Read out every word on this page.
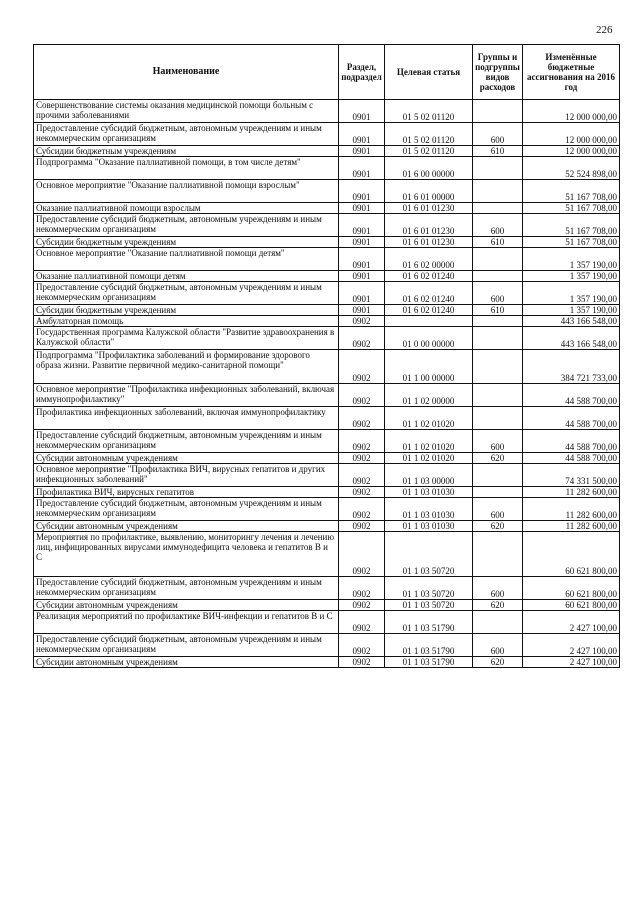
226
Наименование	Раздел, подраздел	Целевая статья	Группы и подгруппы видов расходов	Изменённые бюджетные ассигнования на 2016 год
Совершенствование системы оказания медицинской помощи больным с прочими заболеваниями	0901	01 5 02 01120		12 000 000,00
Предоставление субсидий бюджетным, автономным учреждениям и иным некоммерческим организациям	0901	01 5 02 01120	600	12 000 000,00
Субсидии бюджетным учреждениям	0901	01 5 02 01120	610	12 000 000,00
Подпрограмма "Оказание паллиативной помощи, в том числе детям"	0901	01 6 00 00000		52 524 898,00
Основное мероприятие "Оказание паллиативной помощи взрослым"	0901	01 6 01 00000		51 167 708,00
Оказание паллиативной помощи взрослым	0901	01 6 01 01230		51 167 708,00
Предоставление субсидий бюджетным, автономным учреждениям и иным некоммерческим организациям	0901	01 6 01 01230	600	51 167 708,00
Субсидии бюджетным учреждениям	0901	01 6 01 01230	610	51 167 708,00
Основное мероприятие "Оказание паллиативной помощи детям"	0901	01 6 02 00000		1 357 190,00
Оказание паллиативной помощи детям	0901	01 6 02 01240		1 357 190,00
Предоставление субсидий бюджетным, автономным учреждениям и иным некоммерческим организациям	0901	01 6 02 01240	600	1 357 190,00
Субсидии бюджетным учреждениям	0901	01 6 02 01240	610	1 357 190,00
Амбулаторная помощь	0902			443 166 548,00
Государственная программа Калужской области "Развитие здравоохранения в Калужской области"	0902	01 0 00 00000		443 166 548,00
Подпрограмма "Профилактика заболеваний и формирование здорового образа жизни. Развитие первичной медико-санитарной помощи"	0902	01 1 00 00000		384 721 733,00
Основное мероприятие "Профилактика инфекционных заболеваний, включая иммунопрофилактику"	0902	01 1 02 00000		44 588 700,00
Профилактика инфекционных заболеваний, включая иммунопрофилактику	0902	01 1 02 01020		44 588 700,00
Предоставление субсидий бюджетным, автономным учреждениям и иным некоммерческим организациям	0902	01 1 02 01020	600	44 588 700,00
Субсидии автономным учреждениям	0902	01 1 02 01020	620	44 588 700,00
Основное мероприятие "Профилактика ВИЧ, вирусных гепатитов и других инфекционных заболеваний"	0902	01 1 03 00000		74 331 500,00
Профилактика ВИЧ, вирусных гепатитов	0902	01 1 03 01030		11 282 600,00
Предоставление субсидий бюджетным, автономным учреждениям и иным некоммерческим организациям	0902	01 1 03 01030	600	11 282 600,00
Субсидии автономным учреждениям	0902	01 1 03 01030	620	11 282 600,00
Мероприятия по профилактике, выявлению, мониторингу лечения и лечению лиц, инфицированных вирусами иммунодефицита человека и гепатитов В и С	0902	01 1 03 50720		60 621 800,00
Предоставление субсидий бюджетным, автономным учреждениям и иным некоммерческим организациям	0902	01 1 03 50720	600	60 621 800,00
Субсидии автономным учреждениям	0902	01 1 03 50720	620	60 621 800,00
Реализация мероприятий по профилактике ВИЧ-инфекции и гепатитов В и С	0902	01 1 03 51790		2 427 100,00
Предоставление субсидий бюджетным, автономным учреждениям и иным некоммерческим организациям	0902	01 1 03 51790	600	2 427 100,00
Субсидии автономным учреждениям	0902	01 1 03 51790	620	2 427 100,00
